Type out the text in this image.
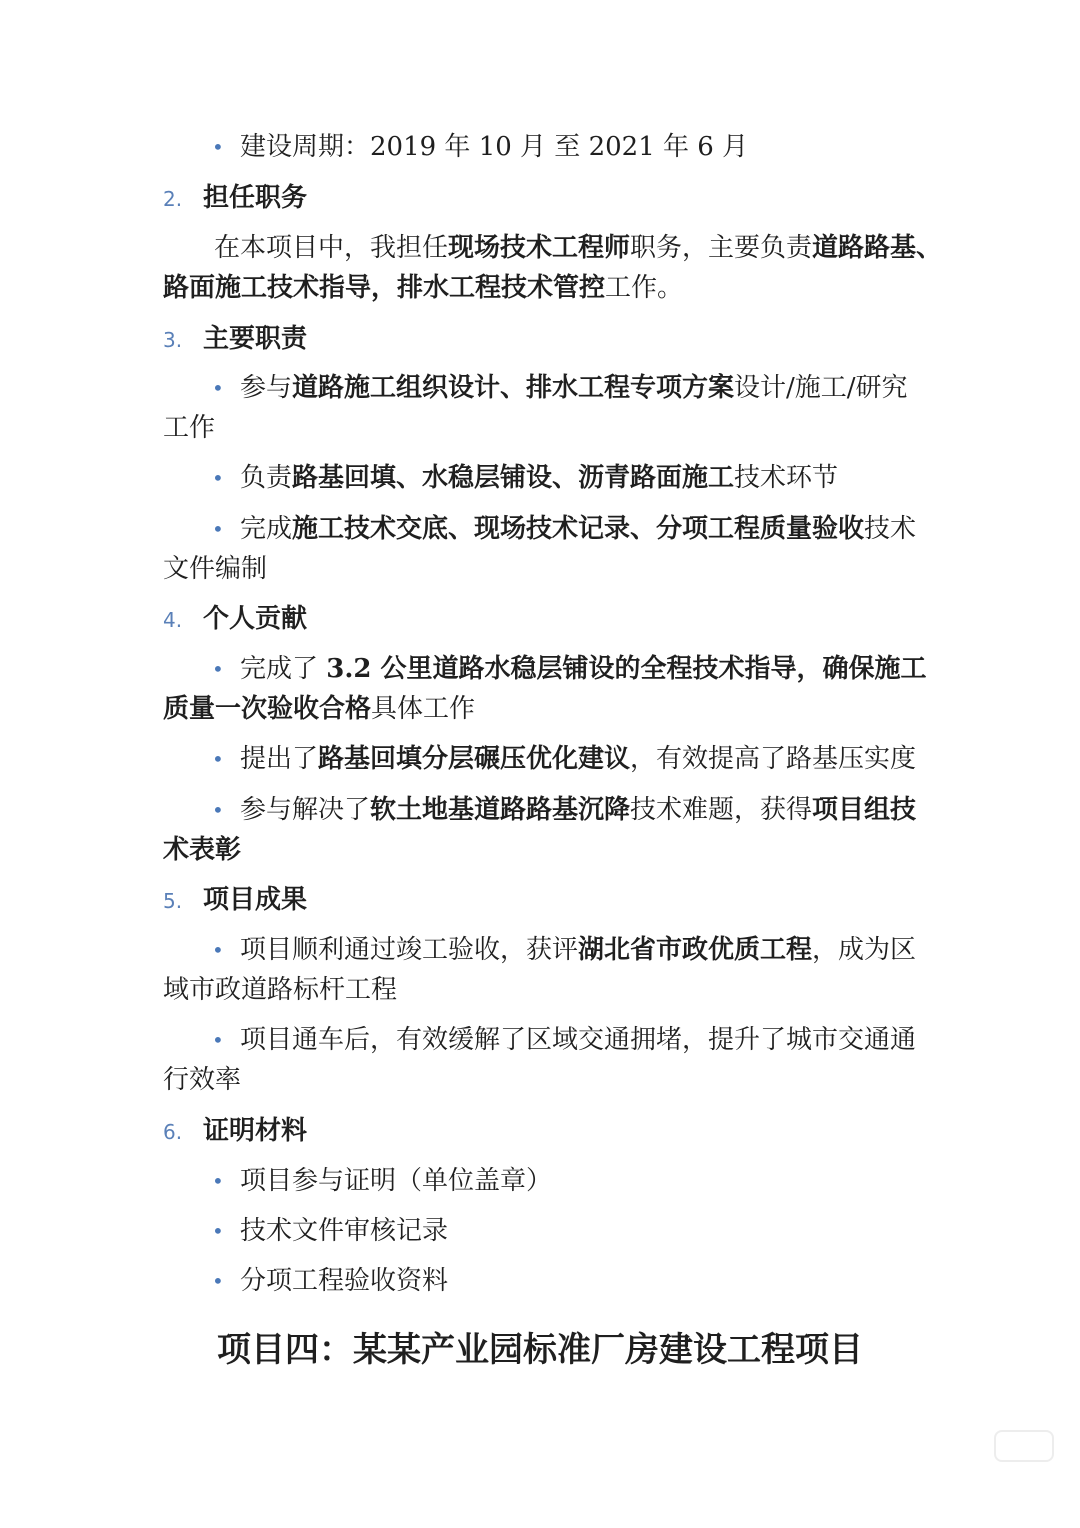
• 建设周期：2019 年 10 月 至 2021 年 6 月
2. 担任职务
在本项目中，我担任现场技术工程师职务，主要负责道路路基、
路面施工技术指导，排水工程技术管控工作。
3. 主要职责
• 参与道路施工组织设计、排水工程专项方案设计/施工/研究
工作
• 负责路基回填、水稳层铺设、沥青路面施工技术环节
• 完成施工技术交底、现场技术记录、分项工程质量验收技术
文件编制
4. 个人贡献
• 完成了 3.2 公里道路水稳层铺设的全程技术指导，确保施工
质量一次验收合格具体工作
• 提出了路基回填分层碾压优化建议，有效提高了路基压实度
• 参与解决了软土地基道路路基沉降技术难题，获得项目组技
术表彰
5. 项目成果
• 项目顺利通过竣工验收，获评湖北省市政优质工程，成为区
域市政道路标杆工程
• 项目通车后，有效缓解了区域交通拥堵，提升了城市交通通
行效率
6. 证明材料
• 项目参与证明（单位盖章）
• 技术文件审核记录
• 分项工程验收资料
项目四：某某产业园标准厂房建设工程项目
